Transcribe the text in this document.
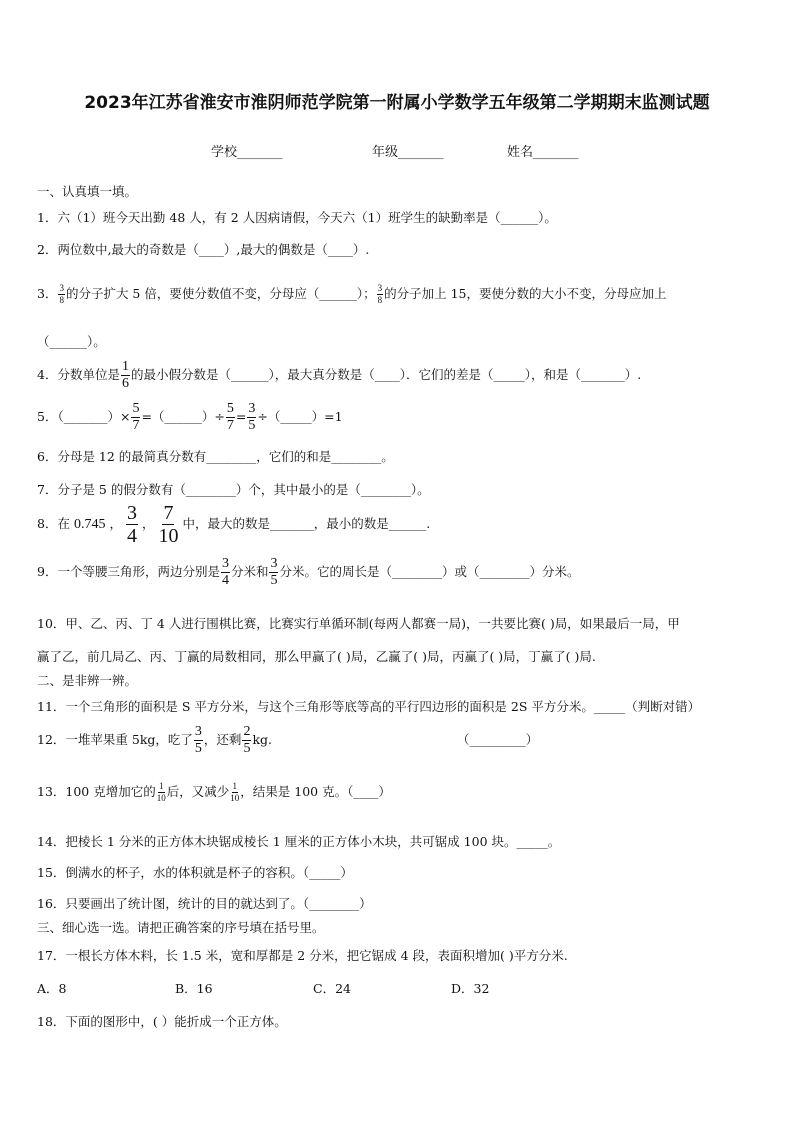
2023年江苏省淮安市淮阴师范学院第一附属小学数学五年级第二学期期末监测试题
学校_______	年级_______	姓名_______
一、认真填一填。
1．六（1）班今天出勤 48 人，有 2 人因病请假，今天六（1）班学生的缺勤率是（______）。
2．两位数中,最大的奇数是（____）,最大的偶数是（____）.
3． $\frac{3}{8}$ 的分子扩大 5 倍，要使分数值不变，分母应（______）； $\frac{3}{8}$ 的分子加上 15，要使分数的大小不变，分母应加上
（______）。
4．分数单位是 $\frac{1}{6}$ 的最小假分数是（______），最大真分数是（____）．它们的差是（_____），和是（_______）.
5．（_______）× $\frac{5}{7}$ =（______）÷ $\frac{5}{7} = \frac{3}{5}$ ÷（_____）=1
6．分母是 12 的最简真分数有________，它们的和是________。
7．分子是 5 的假分数有（________）个，其中最小的是（________）。
8．在 0.745 ， $\frac{3}{4}$ ， $\frac{7}{10}$ 中，最大的数是_______，最小的数是______.
9．一个等腰三角形，两边分别是 $\frac{3}{4}$ 分米和 $\frac{3}{5}$ 分米。它的周长是（________）或（________）分米。
10．甲、乙、丙、丁 4 人进行围棋比赛，比赛实行单循环制(每两人都赛一局)，一共要比赛( )局，如果最后一局，甲
赢了乙，前几局乙、丙、丁赢的局数相同，那么甲赢了( )局，乙赢了( )局，丙赢了( )局，丁赢了( )局.
二、是非辨一辨。
11．一个三角形的面积是 S 平方分米，与这个三角形等底等高的平行四边形的面积是 2S 平方分米。_____（判断对错）
12．一堆苹果重 5kg，吃了 $\frac{3}{5}$ ，还剩 $\frac{2}{5}$ kg.	（_________）
13．100 克增加它的 $\frac{1}{10}$ 后，又减少 $\frac{1}{10}$ ，结果是 100 克。（____）
14．把棱长 1 分米的正方体木块锯成棱长 1 厘米的正方体小木块，共可锯成 100 块。_____。
15．倒满水的杯子，水的体积就是杯子的容积。（_____）
16．只要画出了统计图，统计的目的就达到了。（________）
三、细心选一选。请把正确答案的序号填在括号里。
17．一根长方体木料，长 1.5 米，宽和厚都是 2 分米，把它锯成 4 段，表面积增加( )平方分米.
A．8	B．16	C．24	D．32
18．下面的图形中，( ）能折成一个正方体。
